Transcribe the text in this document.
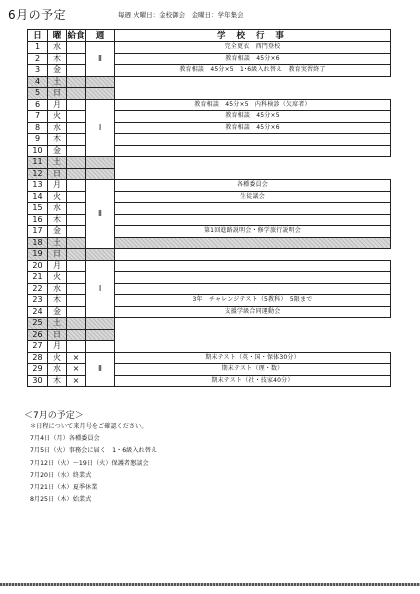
6月の予定	毎週 火曜日：金校御会　金曜日：学年集会
日	曜	給食	週	学 校 行 事
1	水		Ⅱ	完全更衣　西門登校
2	木			教育相談　45分×6
3	金			教育相談　45分×5　1･6級入れ替え　教育実習終了
4	土			
5	日			
6	月		Ⅰ	教育相談　45分×5　内科検診（欠席者）
7	火			教育相談　45分×5
8	水			教育相談　45分×6
9	木			
10	金			
11	土			
12	日			
13	月		Ⅱ	各種委員会
14	火			生徒議会
15	水			
16	木			
17	金			第1回進路説明会・修学旅行説明会
18	土			
19	日			
20	月		Ⅰ	
21	火			
22	水			
23	木			3年　チャレンジテスト（5教科）　5限まで
24	金			支援学級合同運動会
25	土			
26	日			
27	月			
28	火	×	Ⅱ	期末テスト（英・国・保体30分）
29	水	×		期末テスト（理・数）
30	木	×		期末テスト（社・技家40分）
＜7月の予定＞
＊日程について来月号をご確認ください。
7月4日（月）各種委員会
7月5日（火）事務会に届く　1・6級入れ替え
7月12日（火）～19日（火）保護者懇談会
7月20日（水）終業式
7月21日（木）夏季休業
8月25日（木）始業式
